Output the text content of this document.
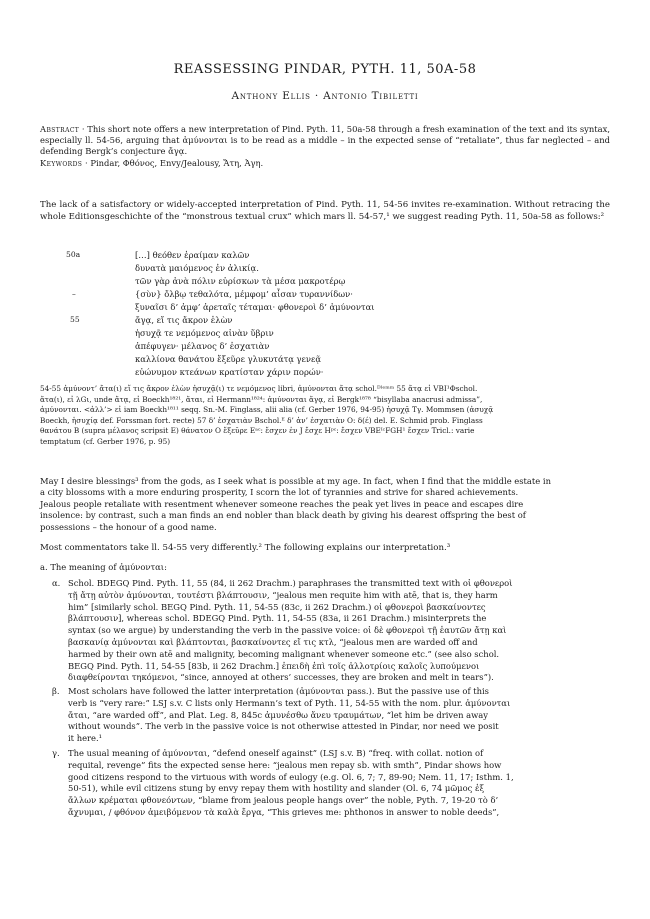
REASSESSING PINDAR, PYTH. 11, 50A-58
Anthony Ellis · Antonio Tibiletti
Abstract · This short note offers a new interpretation of Pind. Pyth. 11, 50a-58 through a fresh examination of the text and its syntax, especially ll. 54-56, arguing that ἀμύνονται is to be read as a middle – in the expected sense of “retaliate”, thus far neglected – and defending Bergk’s conjecture ἄγᾳ.
Keywords · Pindar, Φθόνος, Envy/Jealousy, Ἄτη, Ἀγη.
The lack of a satisfactory or widely-accepted interpretation of Pind. Pyth. 11, 54-56 invites re-examination. Without retracing the whole Editionsgeschichte of the “monstrous textual crux” which mars ll. 54-57,¹ we suggest reading Pyth. 11, 50a-58 as follows:²
50a	[…] θεόθεν ἐραίμαν καλῶν
δυνατὰ μαιόμενος ἐν ἁλικίᾳ.
τῶν γὰρ ἀνὰ πόλιν εὑρίσκων τὰ μέσα μακροτέρῳ
–	{σὺν} ὄλβῳ τεθαλότα, μέμφομ’ αἶσαν τυραννίδων·
ξυναῖσι δ’ ἀμφ’ ἀρεταῖς τέταμαι· φθονεροὶ δ’ ἀμύνονται
55	ἄγᾳ, εἴ τις ἄκρον ἑλὼν
ἡσυχᾷ τε νεμόμενος αἰνὰν ὕβριν
ἀπέφυγεν· μέλανος δ’ ἐσχατιὰν
καλλίονα θανάτου ἔξεῦρε γλυκυτάτᾳ γενεᾷ
εὐώνυμον κτεάνων κρατίσταν χάριν πορών·
54-55 ἀμύνοντ’ ἄτα(ι) εἴ τις ἄκρον ἑλὼν ἡσυχᾷ(ι) τε νεμόμενος libri, ἀμύνονται ἄτᾳ schol.ᴰˡᵉᵐᵐ 55 ἄτᾳ εἰ VBI¹Φschol.
ἄτα(ι), εἰ λGι, unde ἄτᾳ, εἰ Boeckh¹⁸²¹, ἄται, εἰ Hermann¹⁸²⁴: ἀμύνονται ἄγᾳ, εἰ Bergk¹⁸⁷⁸ “bisyllaba anacrusi admissa”,
ἀμύνονται. <ἀλλ’> εἰ iam Boeckh¹⁸¹¹ seqq. Sn.-M. Finglass, alii alia (cf. Gerber 1976, 94-95) ἡσυχᾷ Τγ. Mommsen (ἀσυχᾷ
Boeckh, ἡσυχίᾳ def. Forssman fort. recte) 57 δ’ ἐσχατιὰν Bschol.ᴱ δ’ ἀν’ ἐσχατιὰν O: δ(έ) del. E. Schmid prob. Finglass
θανάτου B (supra μέλανος scripsit E) θάνατον O ἔξεῦρε Eᵃᶜ: ἔσχεν ἐν J ἔσχε Hᵖᶜ: ἔσχεν VBEᴵᶜFGH¹ ἔσχεν Tricl.: varie
temptatum (cf. Gerber 1976, p. 95)
May I desire blessings³ from the gods, as I seek what is possible at my age. In fact, when I find that the middle estate in
a city blossoms with a more enduring prosperity, I scorn the lot of tyrannies and strive for shared achievements.
Jealous people retaliate with resentment whenever someone reaches the peak yet lives in peace and escapes dire
insolence: by contrast, such a man finds an end nobler than black death by giving his dearest offspring the best of
possessions – the honour of a good name.
Most commentators take ll. 54-55 very differently.² The following explains our interpretation.³
a. The meaning of ἀμύνονται:
α. Schol. BDEGQ Pind. Pyth. 11, 55 (84, ii 262 Drachm.) paraphrases the transmitted text with οἱ φθονεροὶ
τῇ ἄτῃ αὐτὸν ἀμύνονται, τουτέστι βλάπτουσιν, “jealous men requite him with atē, that is, they harm
him” [similarly schol. BEGQ Pind. Pyth. 11, 54-55 (83c, ii 262 Drachm.) οἱ φθονεροὶ βασκαίνοντες
βλάπτουσιν], whereas schol. BDEGQ Pind. Pyth. 11, 54-55 (83a, ii 261 Drachm.) misinterprets the
syntax (so we argue) by understanding the verb in the passive voice: οἱ δὲ φθονεροὶ τῇ ἑαυτῶν ἄτῃ καὶ
βασκανίᾳ ἀμύνονται καὶ βλάπτονται, βασκαίνοντες εἴ τις κτλ, “jealous men are warded off and
harmed by their own atē and malignity, becoming malignant whenever someone etc.” (see also schol.
BEGQ Pind. Pyth. 11, 54-55 [83b, ii 262 Drachm.] ἐπειδὴ ἐπὶ τοῖς ἀλλοτρίοις καλοῖς λυπούμενοι
διαφθείρονται τηκόμενοι, “since, annoyed at others’ successes, they are broken and melt in tears”).
β. Most scholars have followed the latter interpretation (ἀμύνονται pass.). But the passive use of this
verb is “very rare:” LSJ s.v. C lists only Hermann’s text of Pyth. 11, 54-55 with the nom. plur. ἀμύνονται
ἄται, “are warded off”, and Plat. Leg. 8, 845c ἀμυνέσθω ἄνευ τραυμάτων, “let him be driven away
without wounds”. The verb in the passive voice is not otherwise attested in Pindar, nor need we posit
it here.¹
γ. The usual meaning of ἀμύνονται, “defend oneself against” (LSJ s.v. B) “freq. with collat. notion of
requital, revenge” fits the expected sense here: “jealous men repay sb. with smth”, Pindar shows how
good citizens respond to the virtuous with words of eulogy (e.g. Ol. 6, 7; 7, 89-90; Nem. 11, 17; Isthm. 1,
50-51), while evil citizens stung by envy repay them with hostility and slander (Ol. 6, 74 μῶμος ἐξ
ἄλλων κρέμαται φθονεόντων, “blame from jealous people hangs over” the noble, Pyth. 7, 19-20 τὸ δ’
ἄχνυμαι, / φθόνον ἀμειβόμενον τὰ καλὰ ἔργα, “This grieves me: phthonos in answer to noble deeds”,
